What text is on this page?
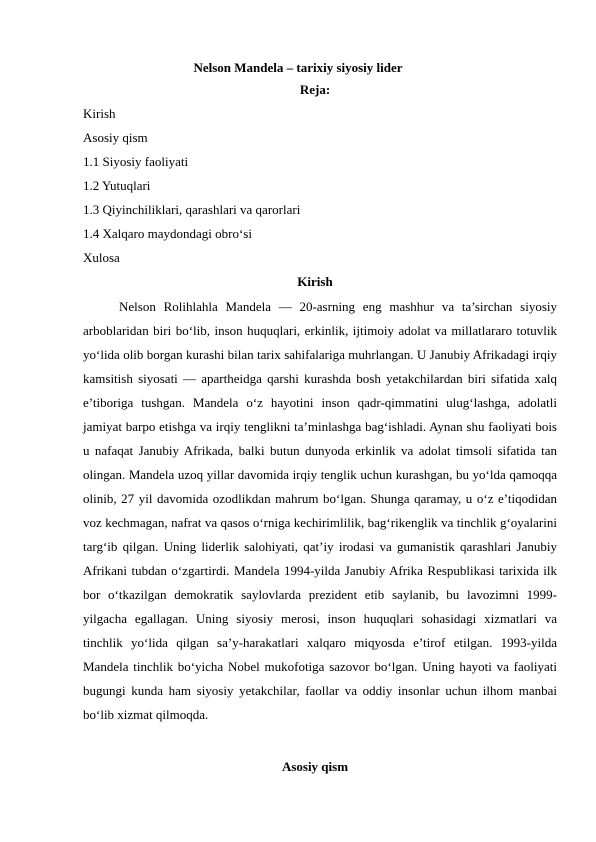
Nelson Mandela – tarixiy siyosiy lider
Reja:
Kirish
Asosiy qism
1.1 Siyosiy faoliyati
1.2 Yutuqlari
1.3 Qiyinchiliklari, qarashlari va qarorlari
1.4 Xalqaro maydondagi obro‘si
Xulosa
Kirish

Nelson Rolihlahla Mandela — 20-asrning eng mashhur va ta’sirchan siyosiy arboblaridan biri bo‘lib, inson huquqlari, erkinlik, ijtimoiy adolat va millatlararo totuvlik yo‘lida olib borgan kurashi bilan tarix sahifalariga muhrlangan. U Janubiy Afrikadagi irqiy kamsitish siyosati — apartheidga qarshi kurashda bosh yetakchilardan biri sifatida xalq e’tiboriga tushgan. Mandela o‘z hayotini inson qadr-qimmatini ulug‘lashga, adolatli jamiyat barpo etishga va irqiy tenglikni ta’minlashga bag‘ishladi. Aynan shu faoliyati bois u nafaqat Janubiy Afrikada, balki butun dunyoda erkinlik va adolat timsoli sifatida tan olingan. Mandela uzoq yillar davomida irqiy tenglik uchun kurashgan, bu yo‘lda qamoqqa olinib, 27 yil davomida ozodlikdan mahrum bo‘lgan. Shunga qaramay, u o‘z e’tiqodidan voz kechmagan, nafrat va qasos o‘rniga kechirimlilik, bag‘rikenglik va tinchlik g‘oyalarini targ‘ib qilgan. Uning liderlik salohiyati, qat’iy irodasi va gumanistik qarashlari Janubiy Afrikani tubdan o‘zgartirdi. Mandela 1994-yilda Janubiy Afrika Respublikasi tarixida ilk bor o‘tkazilgan demokratik saylovlarda prezident etib saylanib, bu lavozimni 1999-yilgacha egallagan. Uning siyosiy merosi, inson huquqlari sohasidagi xizmatlari va tinchlik yo‘lida qilgan sa’y-harakatlari xalqaro miqyosda e’tirof etilgan. 1993-yilda Mandela tinchlik bo‘yicha Nobel mukofotiga sazovor bo‘lgan. Uning hayoti va faoliyati bugungi kunda ham siyosiy yetakchilar, faollar va oddiy insonlar uchun ilhom manbai bo‘lib xizmat qilmoqda.

Asosiy qism
